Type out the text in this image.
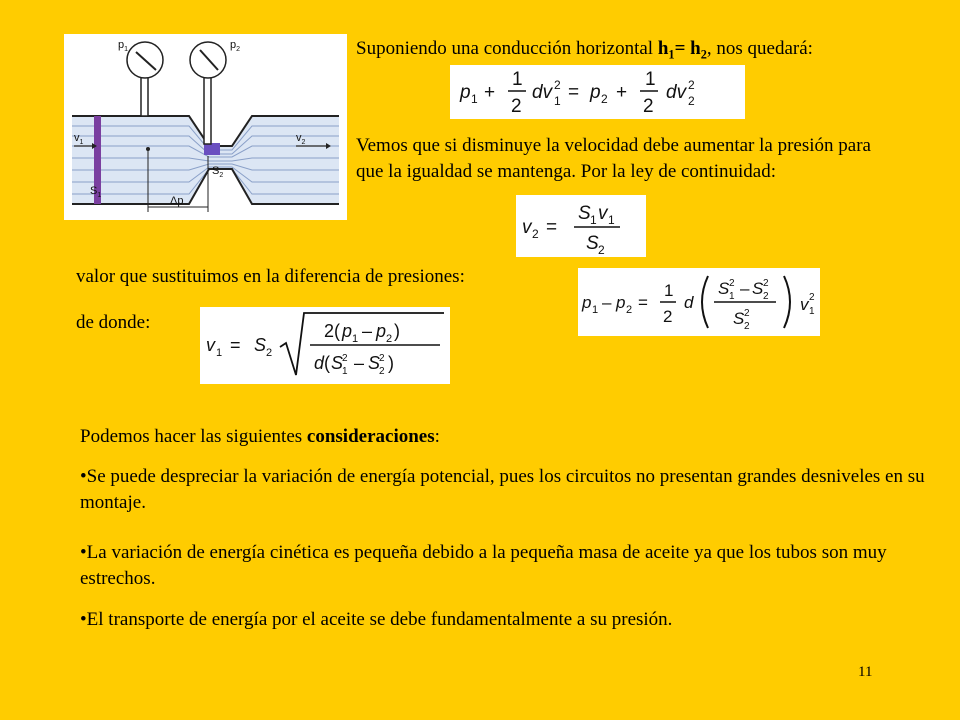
$p_1$	$p_2$
$v_1$	$v_2$
$S_1$
$S_2$
Δp
Suponiendo una conducción horizontal $h_1= h_2$, nos quedará:
p 1 +
1
2
dv 2
1 = p 2 +
1
2
dv 2
2
Vemos que si disminuye la velocidad debe aumentar la presión para que la igualdad se mantenga. Por la ley de continuidad:
v 2 =
S 1 v 1
S 2
valor que sustituimos en la diferencia de presiones:
p 1 – p 2 =
1
2
d
S 2
1 – S 2
2
S 2
2
v 2
1
de donde:
v 1 = S 2
2( p 1 – p 2 )
d ( S
2
1 – S
2
2 )
Podemos hacer las siguientes consideraciones:
•Se puede despreciar la variación de energía potencial, pues los circuitos no presentan grandes desniveles en su montaje.
•La variación de energía cinética es pequeña debido a la pequeña masa de aceite ya que los tubos son muy estrechos.
•El transporte de energía por el aceite se debe fundamentalmente a su presión.
11
